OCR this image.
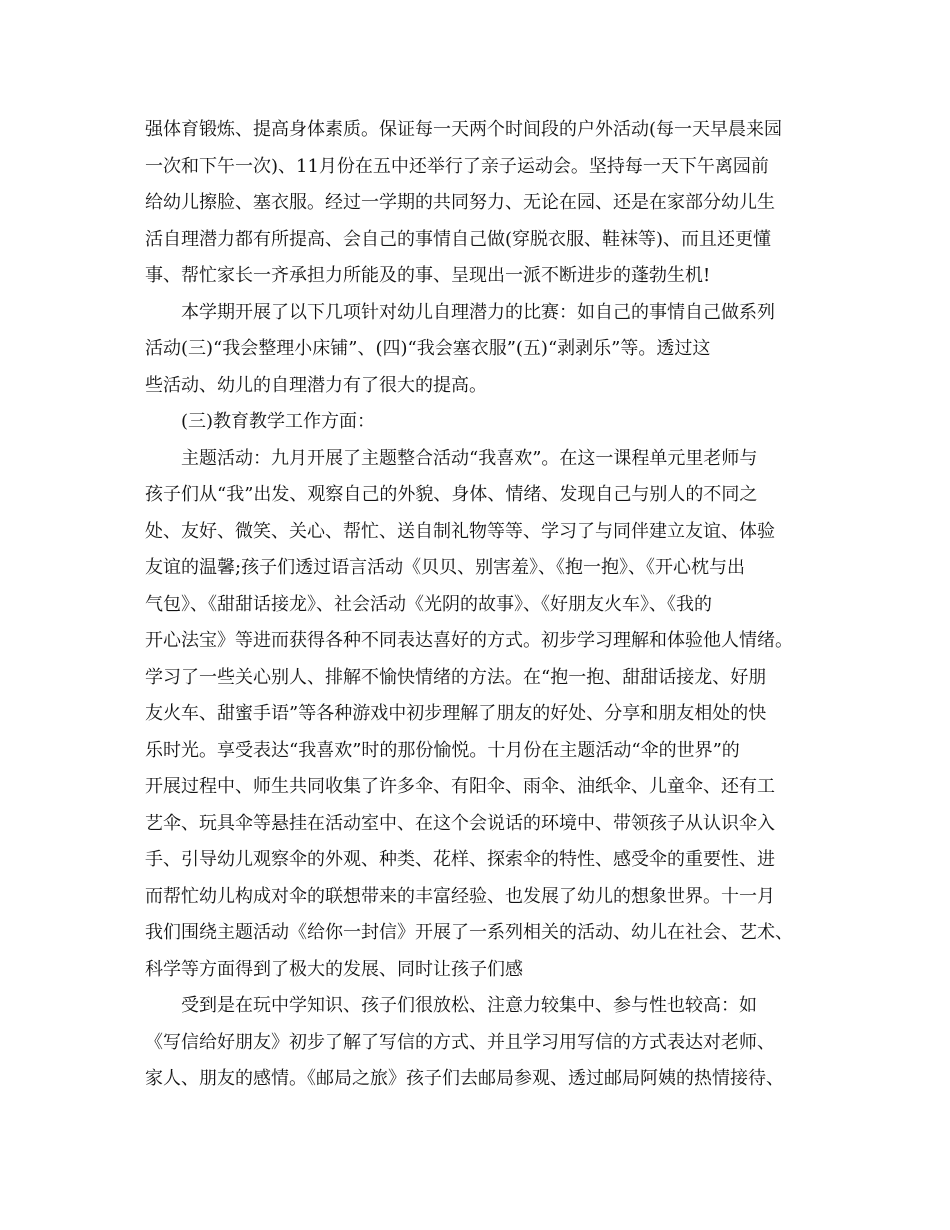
强体育锻炼、提高身体素质。保证每一天两个时间段的户外活动(每一天早晨来园
一次和下午一次)、11月份在五中还举行了亲子运动会。坚持每一天下午离园前
给幼儿擦脸、塞衣服。经过一学期的共同努力、无论在园、还是在家部分幼儿生
活自理潜力都有所提高、会自己的事情自己做(穿脱衣服、鞋袜等)、而且还更懂
事、帮忙家长一齐承担力所能及的事、呈现出一派不断进步的蓬勃生机!
本学期开展了以下几项针对幼儿自理潜力的比赛：如自己的事情自己做系列
活动(三)“我会整理小床铺”、(四)“我会塞衣服”(五)“剥剥乐”等。透过这
些活动、幼儿的自理潜力有了很大的提高。
(三)教育教学工作方面：
主题活动：九月开展了主题整合活动“我喜欢”。在这一课程单元里老师与
孩子们从“我”出发、观察自己的外貌、身体、情绪、发现自己与别人的不同之
处、友好、微笑、关心、帮忙、送自制礼物等等、学习了与同伴建立友谊、体验
友谊的温馨;孩子们透过语言活动《贝贝、别害羞》、《抱一抱》、《开心枕与出
气包》、《甜甜话接龙》、社会活动《光阴的故事》、《好朋友火车》、《我的
开心法宝》等进而获得各种不同表达喜好的方式。初步学习理解和体验他人情绪。
学习了一些关心别人、排解不愉快情绪的方法。在“抱一抱、甜甜话接龙、好朋
友火车、甜蜜手语”等各种游戏中初步理解了朋友的好处、分享和朋友相处的快
乐时光。享受表达“我喜欢”时的那份愉悦。十月份在主题活动“伞的世界”的
开展过程中、师生共同收集了许多伞、有阳伞、雨伞、油纸伞、儿童伞、还有工
艺伞、玩具伞等悬挂在活动室中、在这个会说话的环境中、带领孩子从认识伞入
手、引导幼儿观察伞的外观、种类、花样、探索伞的特性、感受伞的重要性、进
而帮忙幼儿构成对伞的联想带来的丰富经验、也发展了幼儿的想象世界。十一月
我们围绕主题活动《给你一封信》开展了一系列相关的活动、幼儿在社会、艺术、
科学等方面得到了极大的发展、同时让孩子们感
受到是在玩中学知识、孩子们很放松、注意力较集中、参与性也较高：如
《写信给好朋友》初步了解了写信的方式、并且学习用写信的方式表达对老师、
家人、朋友的感情。《邮局之旅》孩子们去邮局参观、透过邮局阿姨的热情接待、
